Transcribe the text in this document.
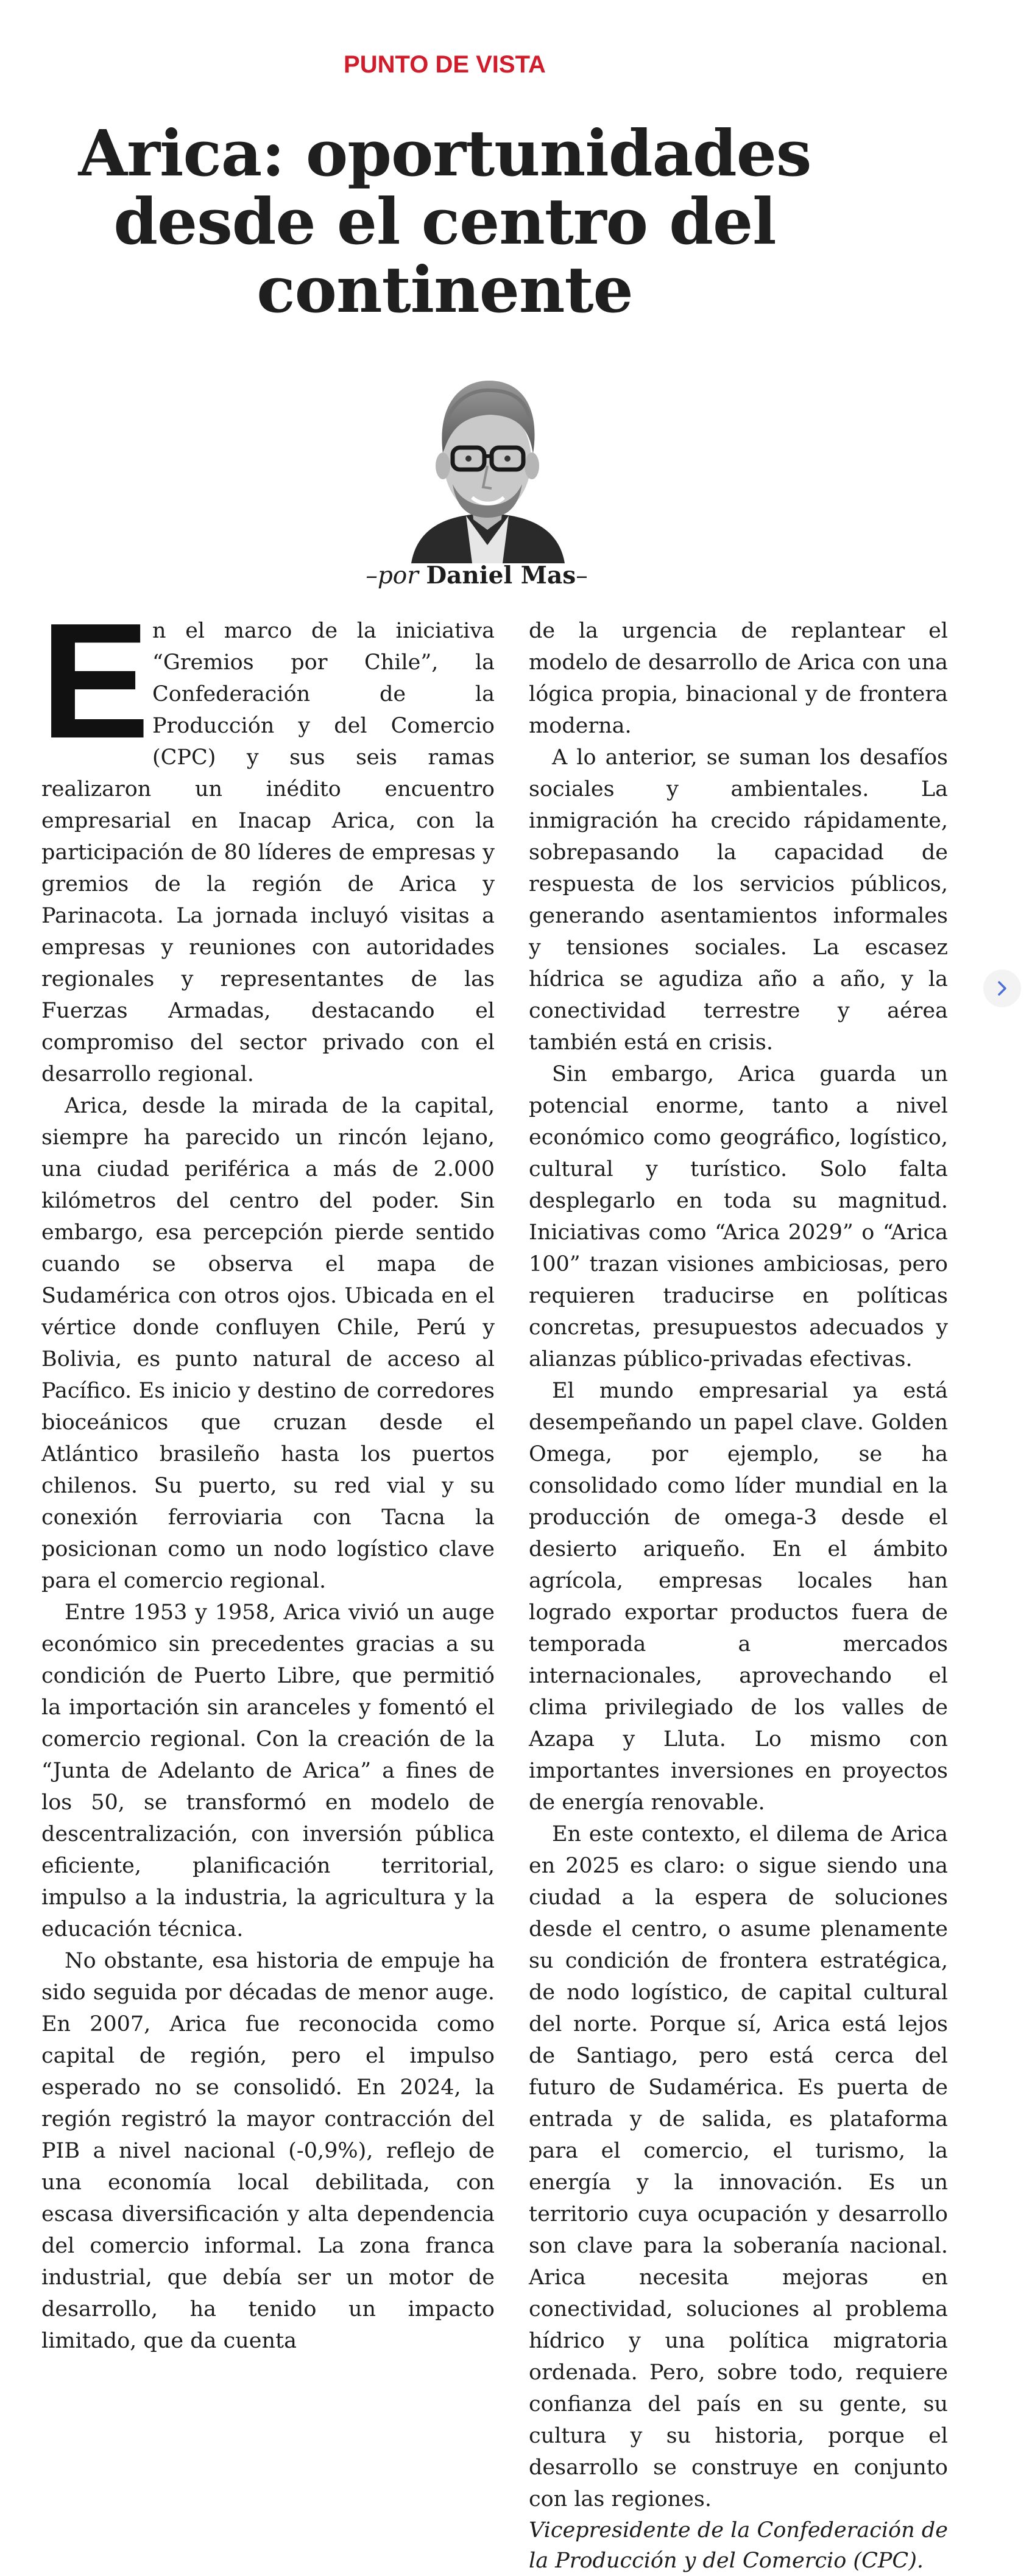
PUNTO DE VISTA
Arica: oportunidades desde el centro del continente
–por Daniel Mas–

En el marco de la iniciativa “Gremios por Chile”, la Confederación de la Producción y del Comercio (CPC) y sus seis ramas realizaron un inédito encuentro empresarial en Inacap Arica, con la participación de 80 líderes de empresas y gremios de la región de Arica y Parinacota. La jornada incluyó visitas a empresas y reuniones con autoridades regionales y representantes de las Fuerzas Armadas, destacando el compromiso del sector privado con el desarrollo regional.

Arica, desde la mirada de la capital, siempre ha parecido un rincón lejano, una ciudad periférica a más de 2.000 kilómetros del centro del poder. Sin embargo, esa percepción pierde sentido cuando se observa el mapa de Sudamérica con otros ojos. Ubicada en el vértice donde confluyen Chile, Perú y Bolivia, es punto natural de acceso al Pacífico. Es inicio y destino de corredores bioceánicos que cruzan desde el Atlántico brasileño hasta los puertos chilenos. Su puerto, su red vial y su conexión ferroviaria con Tacna la posicionan como un nodo logístico clave para el comercio regional.

Entre 1953 y 1958, Arica vivió un auge económico sin precedentes gracias a su condición de Puerto Libre, que permitió la importación sin aranceles y fomentó el comercio regional. Con la creación de la “Junta de Adelanto de Arica” a fines de los 50, se transformó en modelo de descentralización, con inversión pública eficiente, planificación territorial, impulso a la industria, la agricultura y la educación técnica.

No obstante, esa historia de empuje ha sido seguida por décadas de menor auge. En 2007, Arica fue reconocida como capital de región, pero el impulso esperado no se consolidó. En 2024, la región registró la mayor contracción del PIB a nivel nacional (-0,9%), reflejo de una economía local debilitada, con escasa diversificación y alta dependencia del comercio informal. La zona franca industrial, que debía ser un motor de desarrollo, ha tenido un impacto limitado, que da cuenta

de la urgencia de replantear el modelo de desarrollo de Arica con una lógica propia, binacional y de frontera moderna.

A lo anterior, se suman los desafíos sociales y ambientales. La inmigración ha crecido rápidamente, sobrepasando la capacidad de respuesta de los servicios públicos, generando asentamientos informales y tensiones sociales. La escasez hídrica se agudiza año a año, y la conectividad terrestre y aérea también está en crisis.

Sin embargo, Arica guarda un potencial enorme, tanto a nivel económico como geográfico, logístico, cultural y turístico. Solo falta desplegarlo en toda su magnitud. Iniciativas como “Arica 2029” o “Arica 100” trazan visiones ambiciosas, pero requieren traducirse en políticas concretas, presupuestos adecuados y alianzas público-privadas efectivas.

El mundo empresarial ya está desempeñando un papel clave. Golden Omega, por ejemplo, se ha consolidado como líder mundial en la producción de omega-3 desde el desierto ariqueño. En el ámbito agrícola, empresas locales han logrado exportar productos fuera de temporada a mercados internacionales, aprovechando el clima privilegiado de los valles de Azapa y Lluta. Lo mismo con importantes inversiones en proyectos de energía renovable.

En este contexto, el dilema de Arica en 2025 es claro: o sigue siendo una ciudad a la espera de soluciones desde el centro, o asume plenamente su condición de frontera estratégica, de nodo logístico, de capital cultural del norte. Porque sí, Arica está lejos de Santiago, pero está cerca del futuro de Sudamérica. Es puerta de entrada y de salida, es plataforma para el comercio, el turismo, la energía y la innovación. Es un territorio cuya ocupación y desarrollo son clave para la soberanía nacional. Arica necesita mejoras en conectividad, soluciones al problema hídrico y una política migratoria ordenada. Pero, sobre todo, requiere confianza del país en su gente, su cultura y su historia, porque el desarrollo se construye en conjunto con las regiones.

Vicepresidente de la Confederación de la Producción y del Comercio (CPC).
